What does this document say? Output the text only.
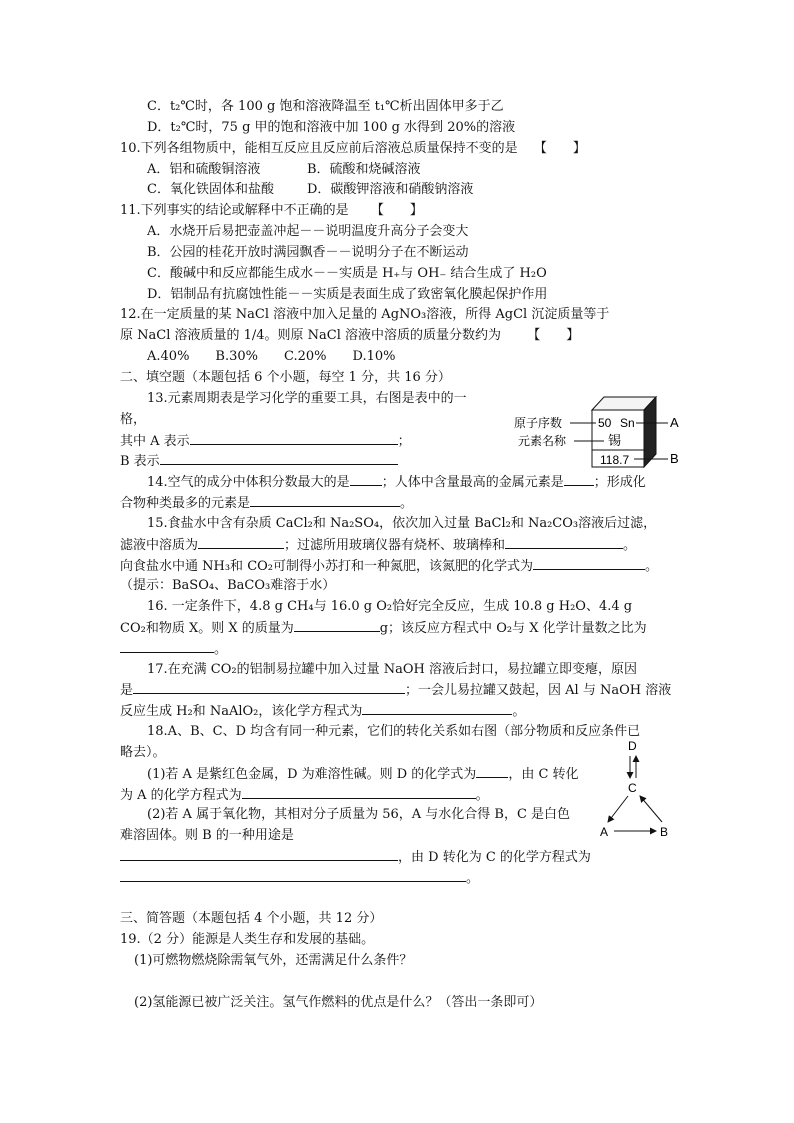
C．t₂℃时，各 100 g 饱和溶液降温至 t₁℃析出固体甲多于乙
D．t₂℃时，75 g 甲的饱和溶液中加 100 g 水得到 20%的溶液
10.下列各组物质中，能相互反应且反应前后溶液总质量保持不变的是 【　　】
A．铝和硫酸铜溶液	B．硫酸和烧碱溶液
C．氧化铁固体和盐酸	D．碳酸钾溶液和硝酸钠溶液
11.下列事实的结论或解释中不正确的是 【　　】
A．水烧开后易把壶盖冲起－－说明温度升高分子会变大
B．公园的桂花开放时满园飘香－－说明分子在不断运动
C．酸碱中和反应都能生成水－－实质是 H₊与 OH₋ 结合生成了 H₂O
D．铝制品有抗腐蚀性能－－实质是表面生成了致密氧化膜起保护作用
12.在一定质量的某 NaCl 溶液中加入足量的 AgNO₃溶液，所得 AgCl 沉淀质量等于
原 NaCl 溶液质量的 1/4。则原 NaCl 溶液中溶质的质量分数约为 【　　】
A.40%　　B.30%　　C.20%　　D.10%
二、填空题（本题包括 6 个小题，每空 1 分，共 16 分）
13.元素周期表是学习化学的重要工具，右图是表中的一
格，
其中 A 表示	；
B 表示
原子序数
元素名称
50 Sn
锡
118.7
A
B
14.空气的成分中体积分数最大的是 ；人体中含量最高的金属元素是 ；形成化
合物种类最多的元素是	。
15.食盐水中含有杂质 CaCl₂和 Na₂SO₄，依次加入过量 BaCl₂和 Na₂CO₃溶液后过滤，
滤液中溶质为	；过滤所用玻璃仪器有烧杯、玻璃棒和	。
向食盐水中通 NH₃和 CO₂可制得小苏打和一种氮肥，该氮肥的化学式为	。
（提示：BaSO₄、BaCO₃难溶于水）
16. 一定条件下，4.8 g CH₄与 16.0 g O₂恰好完全反应，生成 10.8 g H₂O、4.4 g
CO₂和物质 X。则 X 的质量为	g；该反应方程式中 O₂与 X 化学计量数之比为
。
17.在充满 CO₂的铝制易拉罐中加入过量 NaOH 溶液后封口，易拉罐立即变瘪，原因
是	；一会儿易拉罐又鼓起，因 Al 与 NaOH 溶液
反应生成 H₂和 NaAlO₂，该化学方程式为	。
18.A、B、C、D 均含有同一种元素，它们的转化关系如右图（部分物质和反应条件已
略去）。
(1)若 A 是紫红色金属，D 为难溶性碱。则 D 的化学式为 ，由 C 转化
为 A 的化学方程式为	。
(2)若 A 属于氧化物，其相对分子质量为 56，A 与水化合得 B，C 是白色
难溶固体。则 B 的一种用途是
，由 D 转化为 C 的化学方程式为
。
D
C
A	B
三、简答题（本题包括 4 个小题，共 12 分）
19.（2 分）能源是人类生存和发展的基础。
(1)可燃物燃烧除需氧气外，还需满足什么条件？
(2)氢能源已被广泛关注。氢气作燃料的优点是什么？（答出一条即可）
